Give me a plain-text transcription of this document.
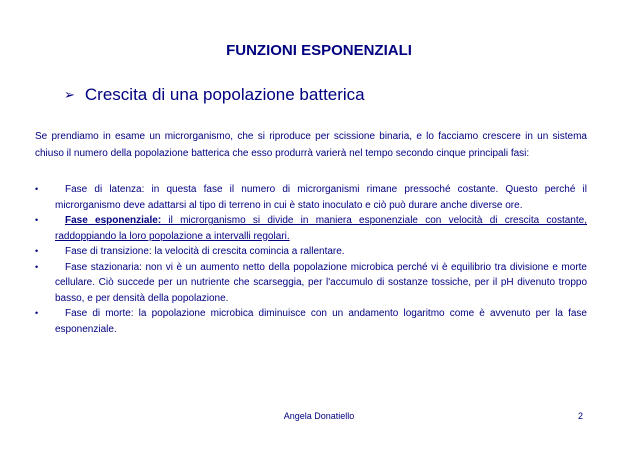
FUNZIONI ESPONENZIALI
➢ Crescita di una popolazione batterica
Se prendiamo in esame un microrganismo, che si riproduce per scissione binaria, e lo facciamo crescere in un sistema chiuso il numero della popolazione batterica che esso produrrà varierà nel tempo secondo cinque principali fasi:
•	Fase di latenza: in questa fase il numero di microrganismi rimane pressoché costante. Questo perché il microrganismo deve adattarsi al tipo di terreno in cui è stato inoculato e ciò può durare anche diverse ore.
•	Fase esponenziale: il microrganismo si divide in maniera esponenziale con velocità di crescita costante, raddoppiando la loro popolazione a intervalli regolari.
•	Fase di transizione: la velocità di crescita comincia a rallentare.
•	Fase stazionaria: non vi è un aumento netto della popolazione microbica perché vi è equilibrio tra divisione e morte cellulare. Ciò succede per un nutriente che scarseggia, per l'accumulo di sostanze tossiche, per il pH divenuto troppo basso, e per densità della popolazione.
•	Fase di morte: la popolazione microbica diminuisce con un andamento logaritmo come è avvenuto per la fase esponenziale.
Angela Donatiello	2
